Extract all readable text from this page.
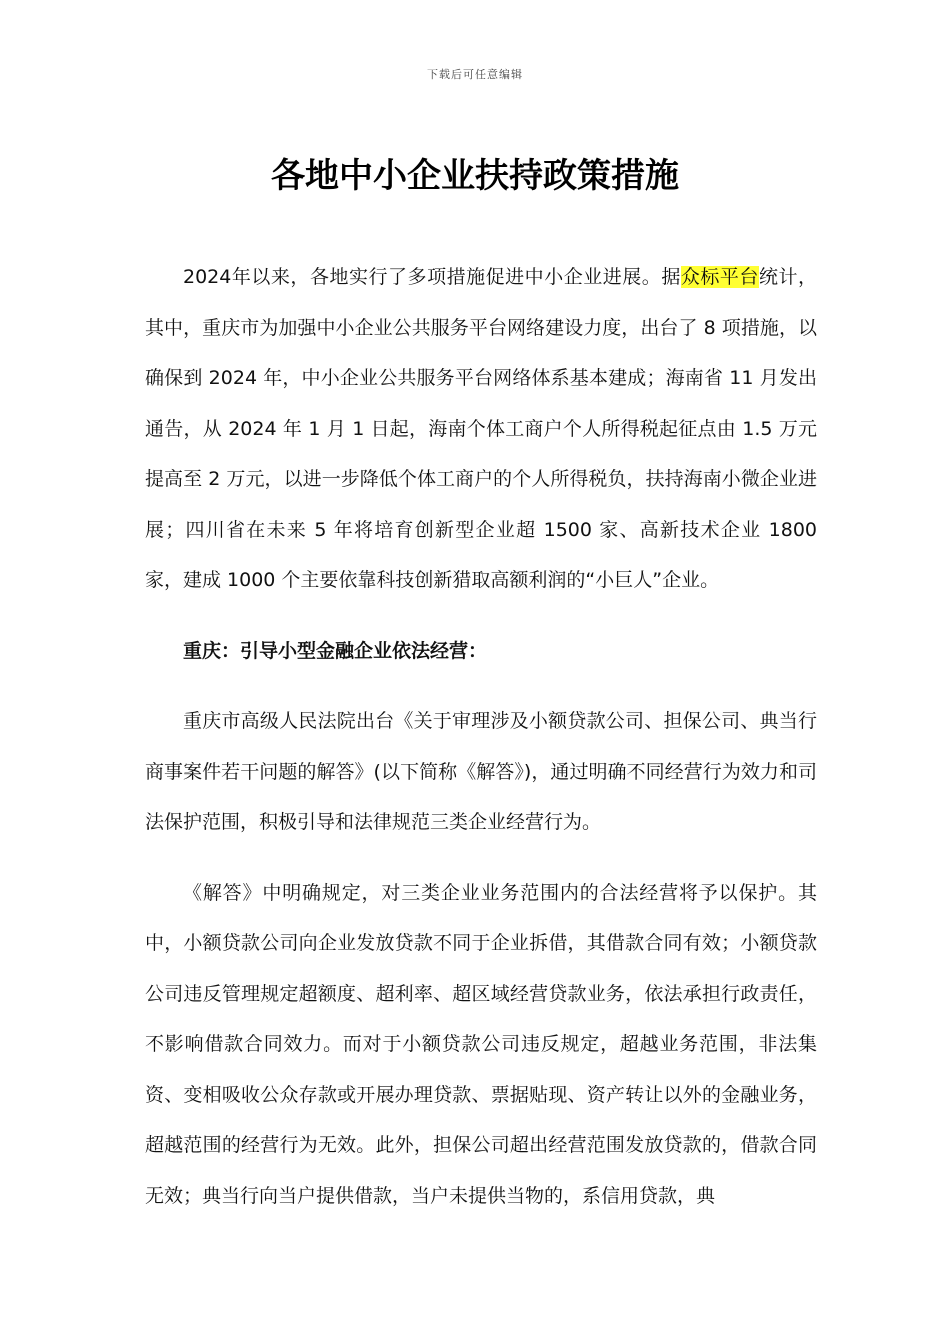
下载后可任意编辑
各地中小企业扶持政策措施

2024年以来，各地实行了多项措施促进中小企业进展。据众标平台统计，其中，重庆市为加强中小企业公共服务平台网络建设力度，出台了 8 项措施，以确保到 2024 年，中小企业公共服务平台网络体系基本建成；海南省 11 月发出通告，从 2024 年 1 月 1 日起，海南个体工商户个人所得税起征点由 1.5 万元提高至 2 万元，以进一步降低个体工商户的个人所得税负，扶持海南小微企业进展；四川省在未来 5 年将培育创新型企业超 1500 家、高新技术企业 1800 家，建成 1000 个主要依靠科技创新猎取高额利润的“小巨人”企业。

重庆：引导小型金融企业依法经营：

重庆市高级人民法院出台《关于审理涉及小额贷款公司、担保公司、典当行商事案件若干问题的解答》(以下简称《解答》)，通过明确不同经营行为效力和司法保护范围，积极引导和法律规范三类企业经营行为。

《解答》中明确规定，对三类企业业务范围内的合法经营将予以保护。其中，小额贷款公司向企业发放贷款不同于企业拆借，其借款合同有效；小额贷款公司违反管理规定超额度、超利率、超区域经营贷款业务，依法承担行政责任，不影响借款合同效力。而对于小额贷款公司违反规定，超越业务范围，非法集资、变相吸收公众存款或开展办理贷款、票据贴现、资产转让以外的金融业务，超越范围的经营行为无效。此外，担保公司超出经营范围发放贷款的，借款合同无效；典当行向当户提供借款，当户未提供当物的，系信用贷款，典
